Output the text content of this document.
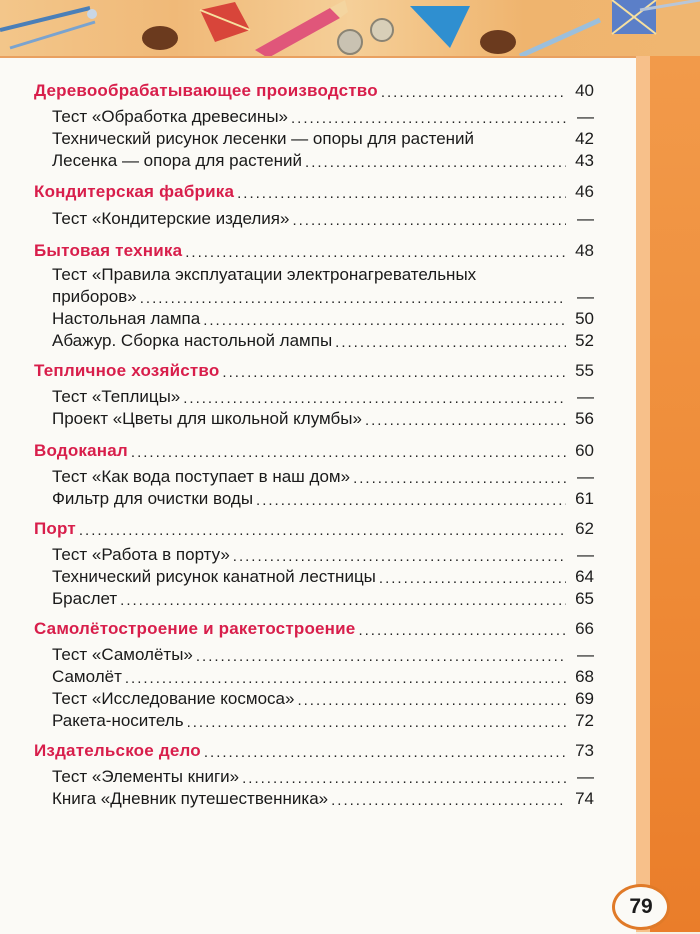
Деревообрабатывающее производство .....	40
Тест «Обработка древесины» .....	—
Технический рисунок лесенки — опоры для растений	42
Лесенка — опора для растений .....	43
Кондитерская фабрика .....	46
Тест «Кондитерские изделия» .....	—
Бытовая техника .....	48
Тест «Правила эксплуатации электронагревательных
приборов» .....	—
Настольная лампа .....	50
Абажур. Сборка настольной лампы .....	52
Тепличное хозяйство .....	55
Тест «Теплицы» .....	—
Проект «Цветы для школьной клумбы» .....	56
Водоканал .....	60
Тест «Как вода поступает в наш дом» .....	—
Фильтр для очистки воды .....	61
Порт .....	62
Тест «Работа в порту» .....	—
Технический рисунок канатной лестницы .....	64
Браслет .....	65
Самолётостроение и ракетостроение .....	66
Тест «Самолёты» .....	—
Самолёт .....	68
Тест «Исследование космоса» .....	69
Ракета-носитель .....	72
Издательское дело .....	73
Тест «Элементы книги» .....	—
Книга «Дневник путешественника» .....	74
79
